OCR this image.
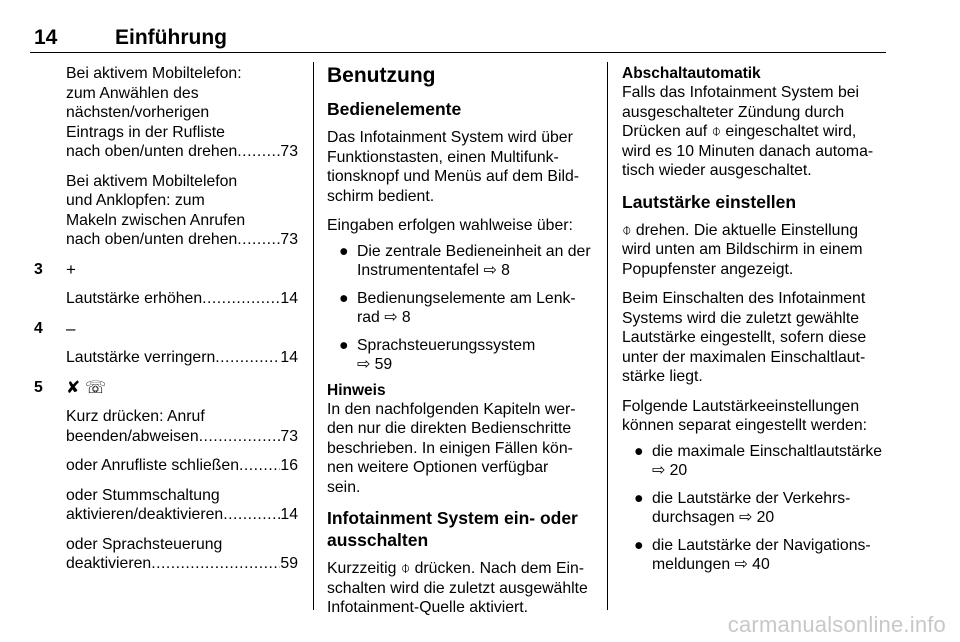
14	Einführung
Bei aktivem Mobiltelefon:
zum Anwählen des
nächsten/vorherigen
Eintrags in der Rufliste
nach oben/unten drehen .....	73
Bei aktivem Mobiltelefon
und Anklopfen: zum
Makeln zwischen Anrufen
nach oben/unten drehen .....	73
3 +
Lautstärke erhöhen .....	14
4 –
Lautstärke verringern .....	14
5 ✘ ☏
Kurz drücken: Anruf
beenden/abweisen .....	73
oder Anrufliste schließen .....	16
oder Stummschaltung
aktivieren/deaktivieren .....	14
oder Sprachsteuerung
deaktivieren .....	59
Benutzung
Bedienelemente
Das Infotainment System wird über
Funktionstasten, einen Multifunk-
tionsknopf und Menüs auf dem Bild-
schirm bedient.
Eingaben erfolgen wahlweise über:
● Die zentrale Bedieneinheit an der
Instrumententafel ⇨ 8
● Bedienungselemente am Lenk-
rad ⇨ 8
● Sprachsteuerungssystem
⇨ 59
Hinweis
In den nachfolgenden Kapiteln wer-
den nur die direkten Bedienschritte
beschrieben. In einigen Fällen kön-
nen weitere Optionen verfügbar
sein.
Infotainment System ein- oder
ausschalten
Kurzzeitig ⌽ drücken. Nach dem Ein-
schalten wird die zuletzt ausgewählte
Infotainment-Quelle aktiviert.
Abschaltautomatik
Falls das Infotainment System bei
ausgeschalteter Zündung durch
Drücken auf ⌽ eingeschaltet wird,
wird es 10 Minuten danach automa-
tisch wieder ausgeschaltet.
Lautstärke einstellen
⌽ drehen. Die aktuelle Einstellung
wird unten am Bildschirm in einem
Popupfenster angezeigt.
Beim Einschalten des Infotainment
Systems wird die zuletzt gewählte
Lautstärke eingestellt, sofern diese
unter der maximalen Einschaltlaut-
stärke liegt.
Folgende Lautstärkeeinstellungen
können separat eingestellt werden:
● die maximale Einschaltlautstärke
⇨ 20
● die Lautstärke der Verkehrs-
durchsagen ⇨ 20
● die Lautstärke der Navigations-
meldungen ⇨ 40
carmanualsonline.info
